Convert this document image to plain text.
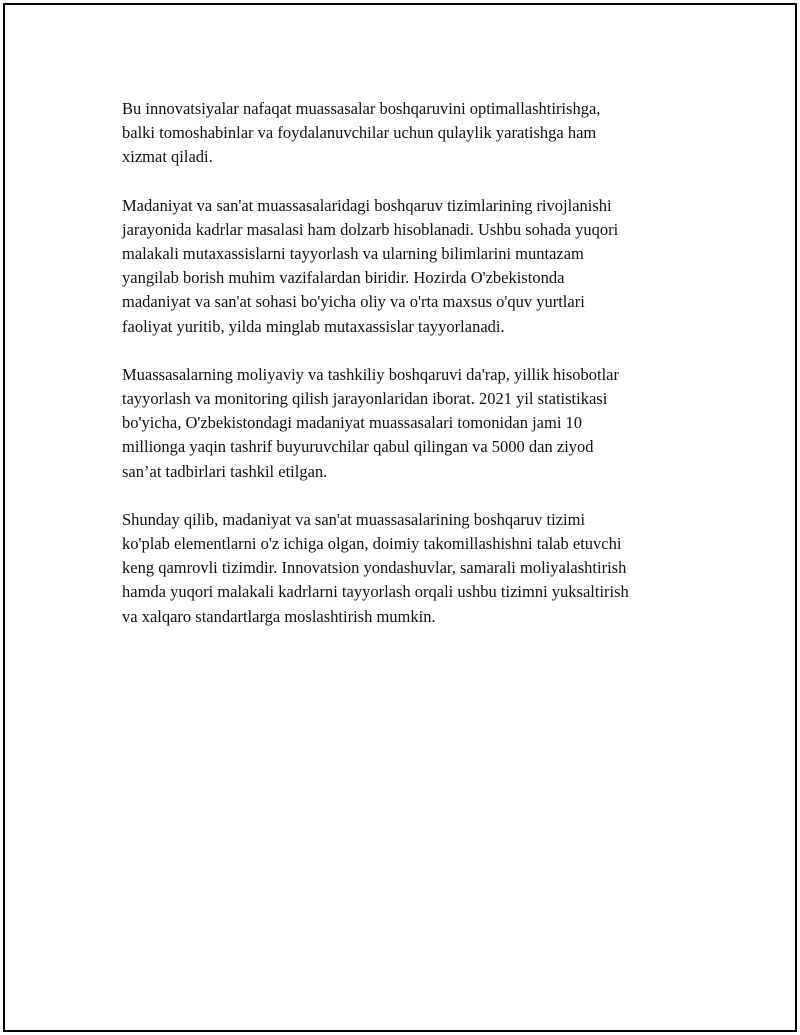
Bu innovatsiyalar nafaqat muassasalar boshqaruvini optimallashtirishga,
balki tomoshabinlar va foydalanuvchilar uchun qulaylik yaratishga ham
xizmat qiladi.

Madaniyat va san'at muassasalaridagi boshqaruv tizimlarining rivojlanishi
jarayonida kadrlar masalasi ham dolzarb hisoblanadi. Ushbu sohada yuqori
malakali mutaxassislarni tayyorlash va ularning bilimlarini muntazam
yangilab borish muhim vazifalardan biridir. Hozirda O'zbekistonda
madaniyat va san'at sohasi bo'yicha oliy va o'rta maxsus o'quv yurtlari
faoliyat yuritib, yilda minglab mutaxassislar tayyorlanadi.

Muassasalarning moliyaviy va tashkiliy boshqaruvi da'rap, yillik hisobotlar
tayyorlash va monitoring qilish jarayonlaridan iborat. 2021 yil statistikasi
bo'yicha, O'zbekistondagi madaniyat muassasalari tomonidan jami 10
millionga yaqin tashrif buyuruvchilar qabul qilingan va 5000 dan ziyod
san’at tadbirlari tashkil etilgan.

Shunday qilib, madaniyat va san'at muassasalarining boshqaruv tizimi
ko'plab elementlarni o'z ichiga olgan, doimiy takomillashishni talab etuvchi
keng qamrovli tizimdir. Innovatsion yondashuvlar, samarali moliyalashtirish
hamda yuqori malakali kadrlarni tayyorlash orqali ushbu tizimni yuksaltirish
va xalqaro standartlarga moslashtirish mumkin.
